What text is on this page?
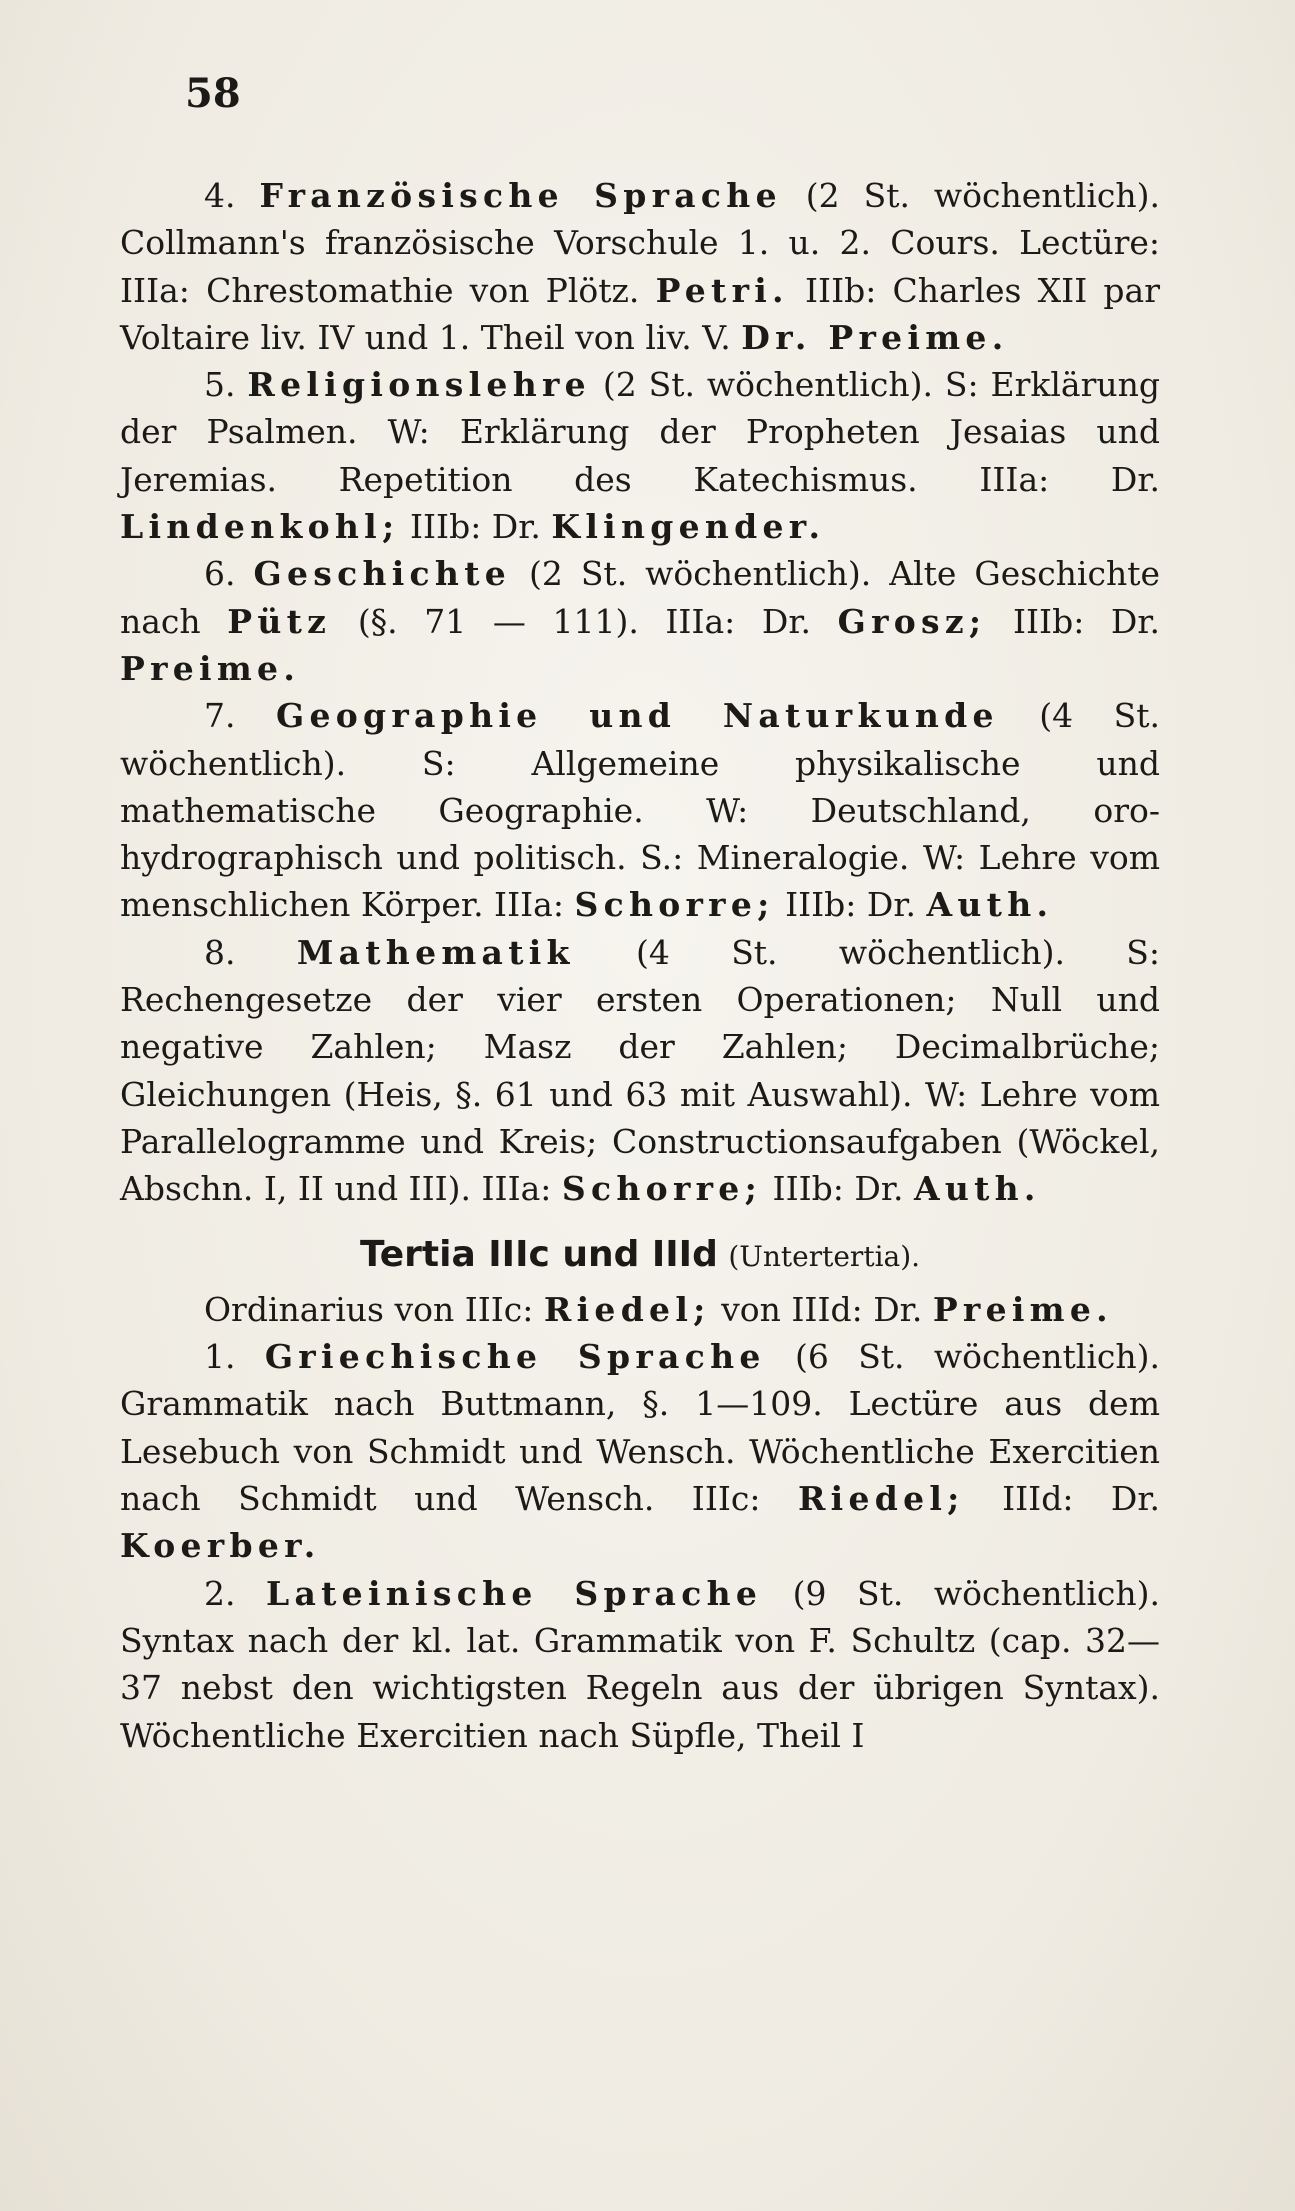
58

4. Französische Sprache (2 St. wöchentlich). Collmann's französische Vorschule 1. u. 2. Cours. Lectüre: IIIa: Chrestomathie von Plötz. Petri. IIIb: Charles XII par Voltaire liv. IV und 1. Theil von liv. V. Dr. Preime.

5. Religionslehre (2 St. wöchentlich). S: Erklärung der Psalmen. W: Erklärung der Propheten Jesaias und Jeremias. Repetition des Katechismus. IIIa: Dr. Lindenkohl; IIIb: Dr. Klingender.

6. Geschichte (2 St. wöchentlich). Alte Geschichte nach Pütz (§. 71 — 111). IIIa: Dr. Grosz; IIIb: Dr. Preime.

7. Geographie und Naturkunde (4 St. wöchentlich). S: Allgemeine physikalische und mathematische Geographie. W: Deutschland, oro-hydrographisch und politisch. S.: Mineralogie. W: Lehre vom menschlichen Körper. IIIa: Schorre; IIIb: Dr. Auth.

8. Mathematik (4 St. wöchentlich). S: Rechengesetze der vier ersten Operationen; Null und negative Zahlen; Masz der Zahlen; Decimalbrüche; Gleichungen (Heis, §. 61 und 63 mit Auswahl). W: Lehre vom Parallelogramme und Kreis; Constructionsaufgaben (Wöckel, Abschn. I, II und III). IIIa: Schorre; IIIb: Dr. Auth.

Tertia IIIc und IIId (Untertertia).

Ordinarius von IIIc: Riedel; von IIId: Dr. Preime.

1. Griechische Sprache (6 St. wöchentlich). Grammatik nach Buttmann, §. 1—109. Lectüre aus dem Lesebuch von Schmidt und Wensch. Wöchentliche Exercitien nach Schmidt und Wensch. IIIc: Riedel; IIId: Dr. Koerber.

2. Lateinische Sprache (9 St. wöchentlich). Syntax nach der kl. lat. Grammatik von F. Schultz (cap. 32—37 nebst den wichtigsten Regeln aus der übrigen Syntax). Wöchentliche Exercitien nach Süpfle, Theil I
